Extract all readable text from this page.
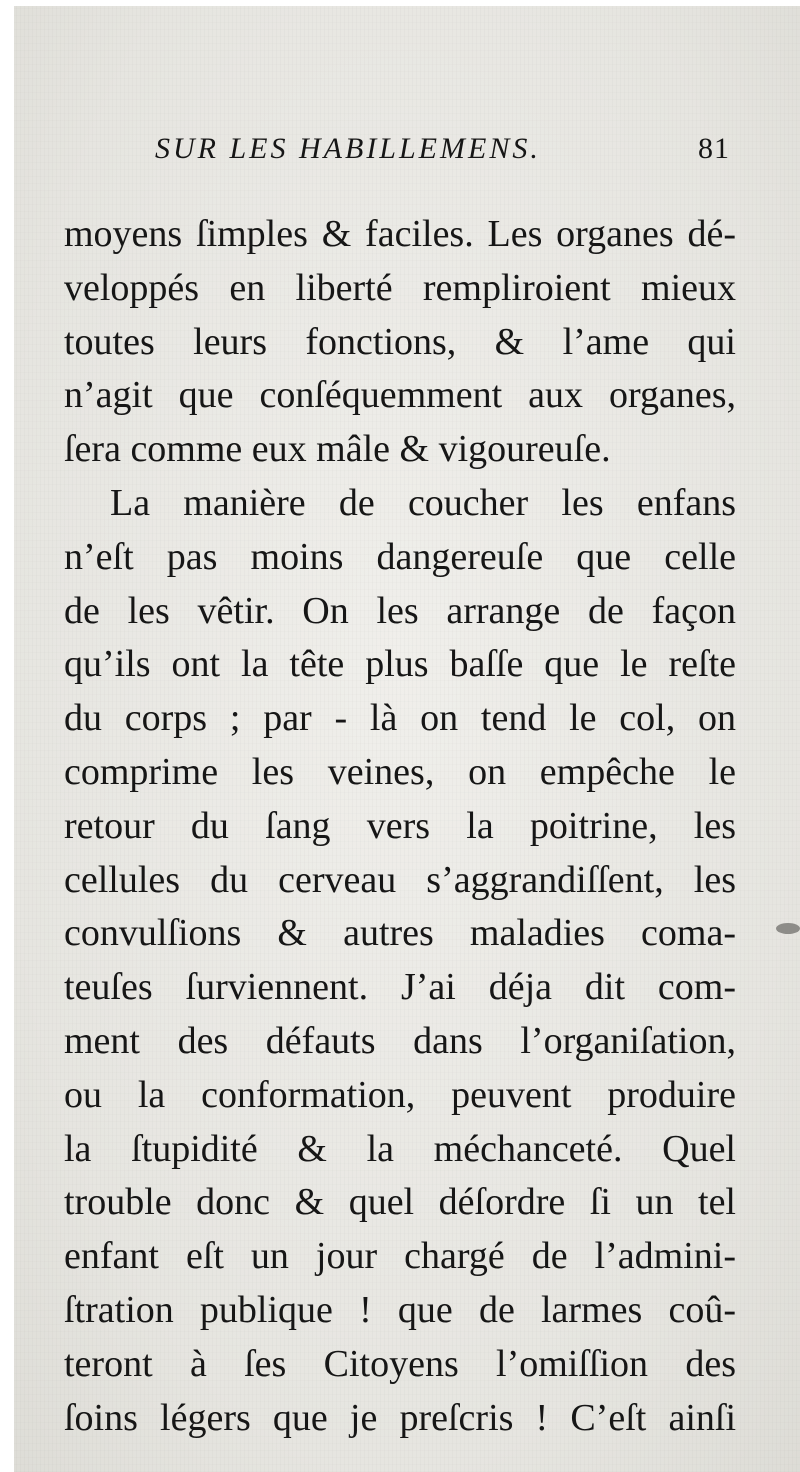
SUR LES HABILLEMENS.	81
moyens ſimples & faciles. Les organes dé-
veloppés en liberté rempliroient mieux
toutes leurs fonctions, & l’ame qui
n’agit que conſéquemment aux organes,
ſera comme eux mâle & vigoureuſe.
La manière de coucher les enfans
n’eſt pas moins dangereuſe que celle
de les vêtir. On les arrange de façon
qu’ils ont la tête plus baſſe que le reſte
du corps ; par - là on tend le col, on
comprime les veines, on empêche le
retour du ſang vers la poitrine, les
cellules du cerveau s’aggrandiſſent, les
convulſions & autres maladies coma-
teuſes ſurviennent. J’ai déja dit com-
ment des défauts dans l’organiſation,
ou la conformation, peuvent produire
la ſtupidité & la méchanceté. Quel
trouble donc & quel déſordre ſi un tel
enfant eſt un jour chargé de l’admini-
ſtration publique ! que de larmes coû-
teront à ſes Citoyens l’omiſſion des
ſoins légers que je preſcris ! C’eſt ainſi
